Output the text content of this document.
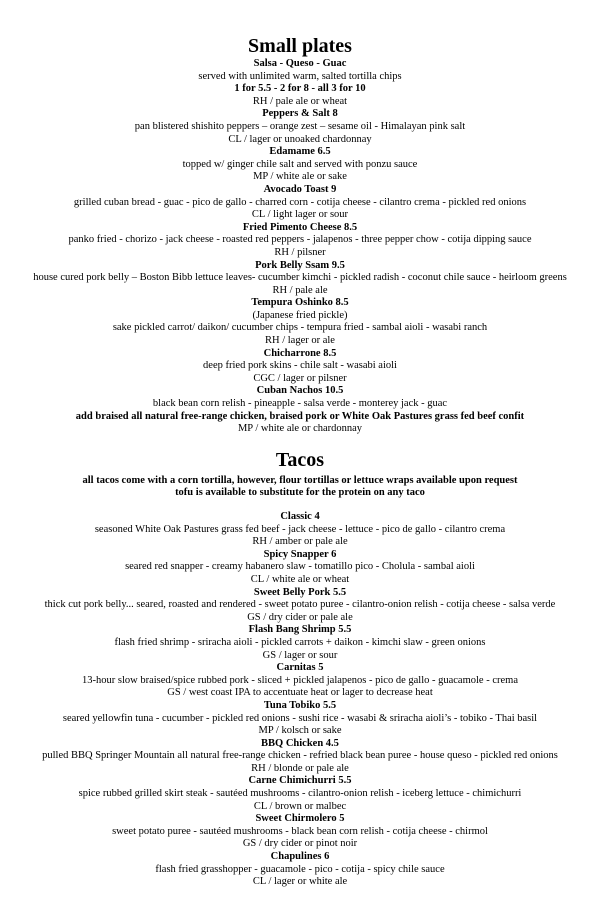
Small plates
Salsa - Queso - Guac
served with unlimited warm, salted tortilla chips
1 for 5.5 - 2 for 8 - all 3 for 10
RH / pale ale or wheat
Peppers & Salt 8
pan blistered shishito peppers – orange zest – sesame oil - Himalayan pink salt
CL / lager or unoaked chardonnay
Edamame 6.5
topped w/ ginger chile salt and served with ponzu sauce
MP / white ale or sake
Avocado Toast 9
grilled cuban bread - guac - pico de gallo - charred corn - cotija cheese - cilantro crema - pickled red onions
CL / light lager or sour
Fried Pimento Cheese 8.5
panko fried - chorizo - jack cheese - roasted red peppers - jalapenos - three pepper chow - cotija dipping sauce
RH / pilsner
Pork Belly Ssam 9.5
house cured pork belly – Boston Bibb lettuce leaves- cucumber kimchi - pickled radish - coconut chile sauce - heirloom greens
RH / pale ale
Tempura Oshinko 8.5
(Japanese fried pickle)
sake pickled carrot/ daikon/ cucumber chips - tempura fried - sambal aioli - wasabi ranch
RH / lager or ale
Chicharrone 8.5
deep fried pork skins - chile salt - wasabi aioli
CGC / lager or pilsner
Cuban Nachos 10.5
black bean corn relish - pineapple - salsa verde - monterey jack - guac
add braised all natural free-range chicken, braised pork or White Oak Pastures grass fed beef confit
MP / white ale or chardonnay
Tacos
all tacos come with a corn tortilla, however, flour tortillas or lettuce wraps available upon request
tofu is available to substitute for the protein on any taco
Classic 4
seasoned White Oak Pastures grass fed beef - jack cheese - lettuce - pico de gallo - cilantro crema
RH / amber or pale ale
Spicy Snapper 6
seared red snapper - creamy habanero slaw - tomatillo pico - Cholula - sambal aioli
CL / white ale or wheat
Sweet Belly Pork 5.5
thick cut pork belly... seared, roasted and rendered - sweet potato puree - cilantro-onion relish - cotija cheese - salsa verde
GS / dry cider or pale ale
Flash Bang Shrimp 5.5
flash fried shrimp - sriracha aioli - pickled carrots + daikon - kimchi slaw - green onions
GS / lager or sour
Carnitas 5
13-hour slow braised/spice rubbed pork - sliced + pickled jalapenos - pico de gallo - guacamole - crema
GS / west coast IPA to accentuate heat or lager to decrease heat
Tuna Tobiko 5.5
seared yellowfin tuna - cucumber - pickled red onions - sushi rice - wasabi & sriracha aioli’s - tobiko - Thai basil
MP / kolsch or sake
BBQ Chicken 4.5
pulled BBQ Springer Mountain all natural free-range chicken - refried black bean puree - house queso - pickled red onions
RH / blonde or pale ale
Carne Chimichurri 5.5
spice rubbed grilled skirt steak - sautéed mushrooms - cilantro-onion relish - iceberg lettuce - chimichurri
CL / brown or malbec
Sweet Chirmolero 5
sweet potato puree - sautéed mushrooms - black bean corn relish - cotija cheese - chirmol
GS / dry cider or pinot noir
Chapulines 6
flash fried grasshopper - guacamole - pico - cotija - spicy chile sauce
CL / lager or white ale
